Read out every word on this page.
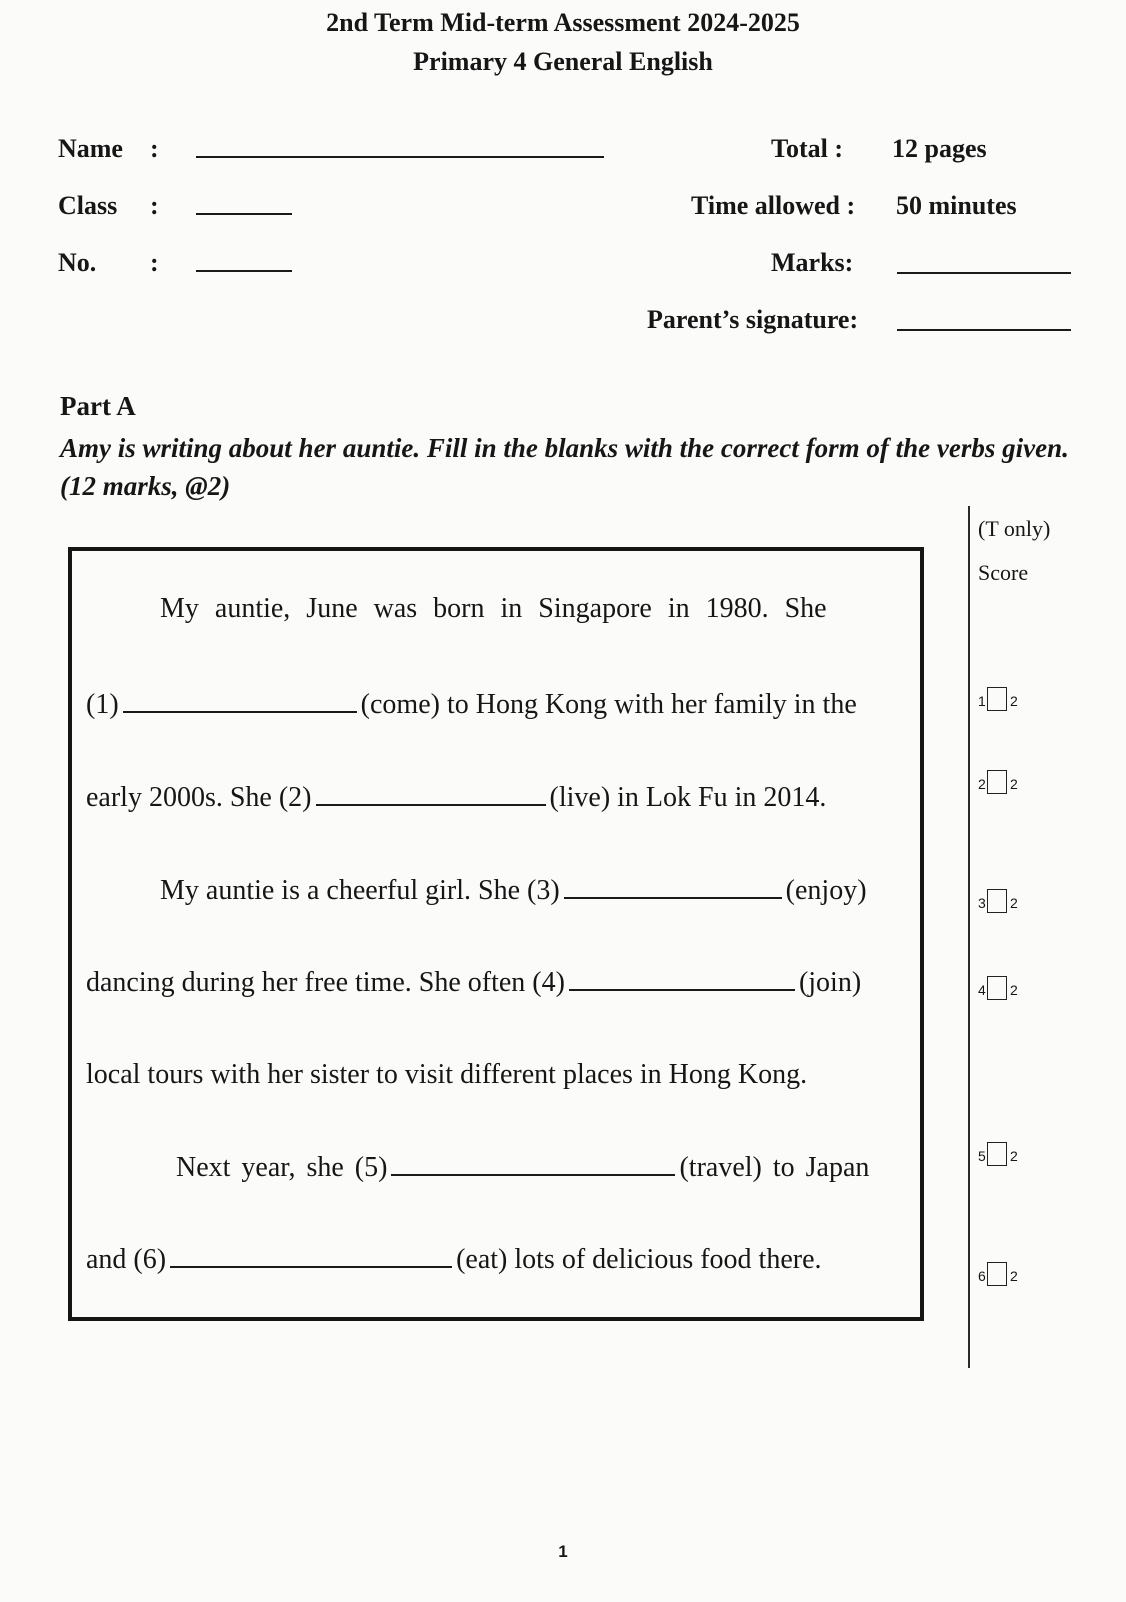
2nd Term Mid-term Assessment 2024-2025
Primary 4 General English
Name :
Class :
No. :
Total : 12 pages
Time allowed : 50 minutes
Marks:
Parent’s signature:
Part A
Amy is writing about her auntie. Fill in the blanks with the correct form of the verbs given. (12 marks, @2)
(T only)
Score
My auntie, June was born in Singapore in 1980. She
(1)	(come) to Hong Kong with her family in the
early 2000s. She (2)	(live) in Lok Fu in 2014.
My auntie is a cheerful girl. She (3)	(enjoy)
dancing during her free time. She often (4)	(join)
local tours with her sister to visit different places in Hong Kong.
Next year, she (5)	(travel) to Japan
and (6)	(eat) lots of delicious food there.
1 2
2 2
3 2
4 2
5 2
6 2
1
